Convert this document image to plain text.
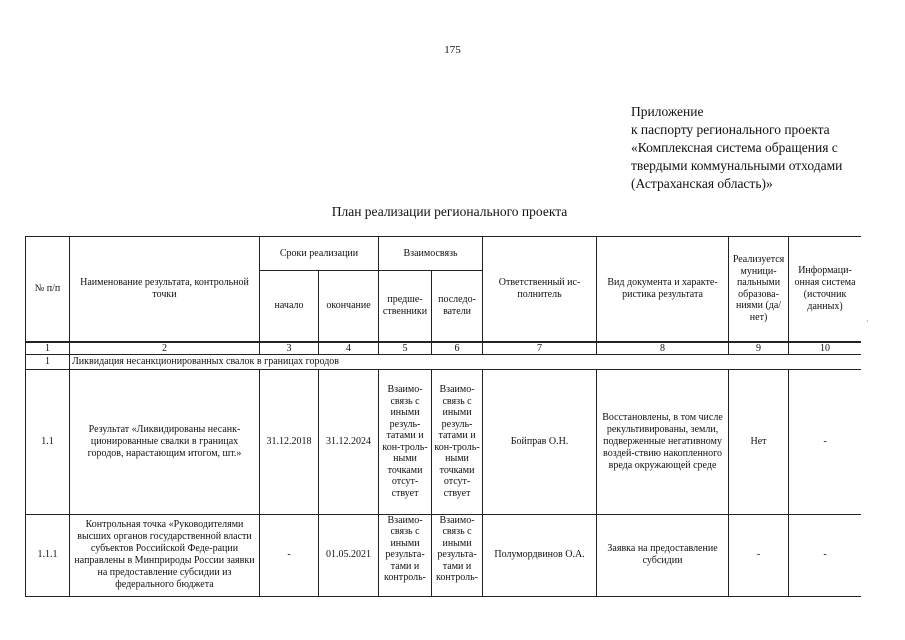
175
Приложение
к паспорту регионального проекта
«Комплексная система обращения с
твердыми коммунальными отходами
(Астраханская область)»
План реализации регионального проекта
·
№ п/п	Наименование результата, контрольной точки	Сроки реализации		Взаимосвязь		Ответственный ис-полнитель	Вид документа и характе-ристика результата	Реализуется муници-пальными образова-ниями (да/нет)	Информаци-онная система (источник данных)
		начало	окончание	предше-ственники	последо-ватели				
1	2	3	4	5	6	7	8	9	10
1	Ликвидация несанкционированных свалок в границах городов								
1.1	Результат «Ликвидированы несанк-ционированные свалки в границах городов, нарастающим итогом, шт.»	31.12.2018	31.12.2024	Взаимо-связь с иными резуль-татами и кон-троль-ными точками отсут-ствует	Взаимо-связь с иными резуль-татами и кон-троль-ными точками отсут-ствует	Бойправ О.Н.	Восстановлены, в том числе рекультивированы, земли, подверженные негативному воздей-ствию накопленного вреда окружающей среде	Нет	-
1.1.1	Контрольная точка «Руководителями высших органов государственной власти субъектов Российской Феде-рации направлены в Минприроды России заявки на предоставление субсидии из федерального бюджета	-	01.05.2021	Взаимо-связь с иными результа-тами и контроль-	Взаимо-связь с иными результа-тами и контроль-	Полумордвинов О.А.	Заявка на предоставление субсидии	-	-
